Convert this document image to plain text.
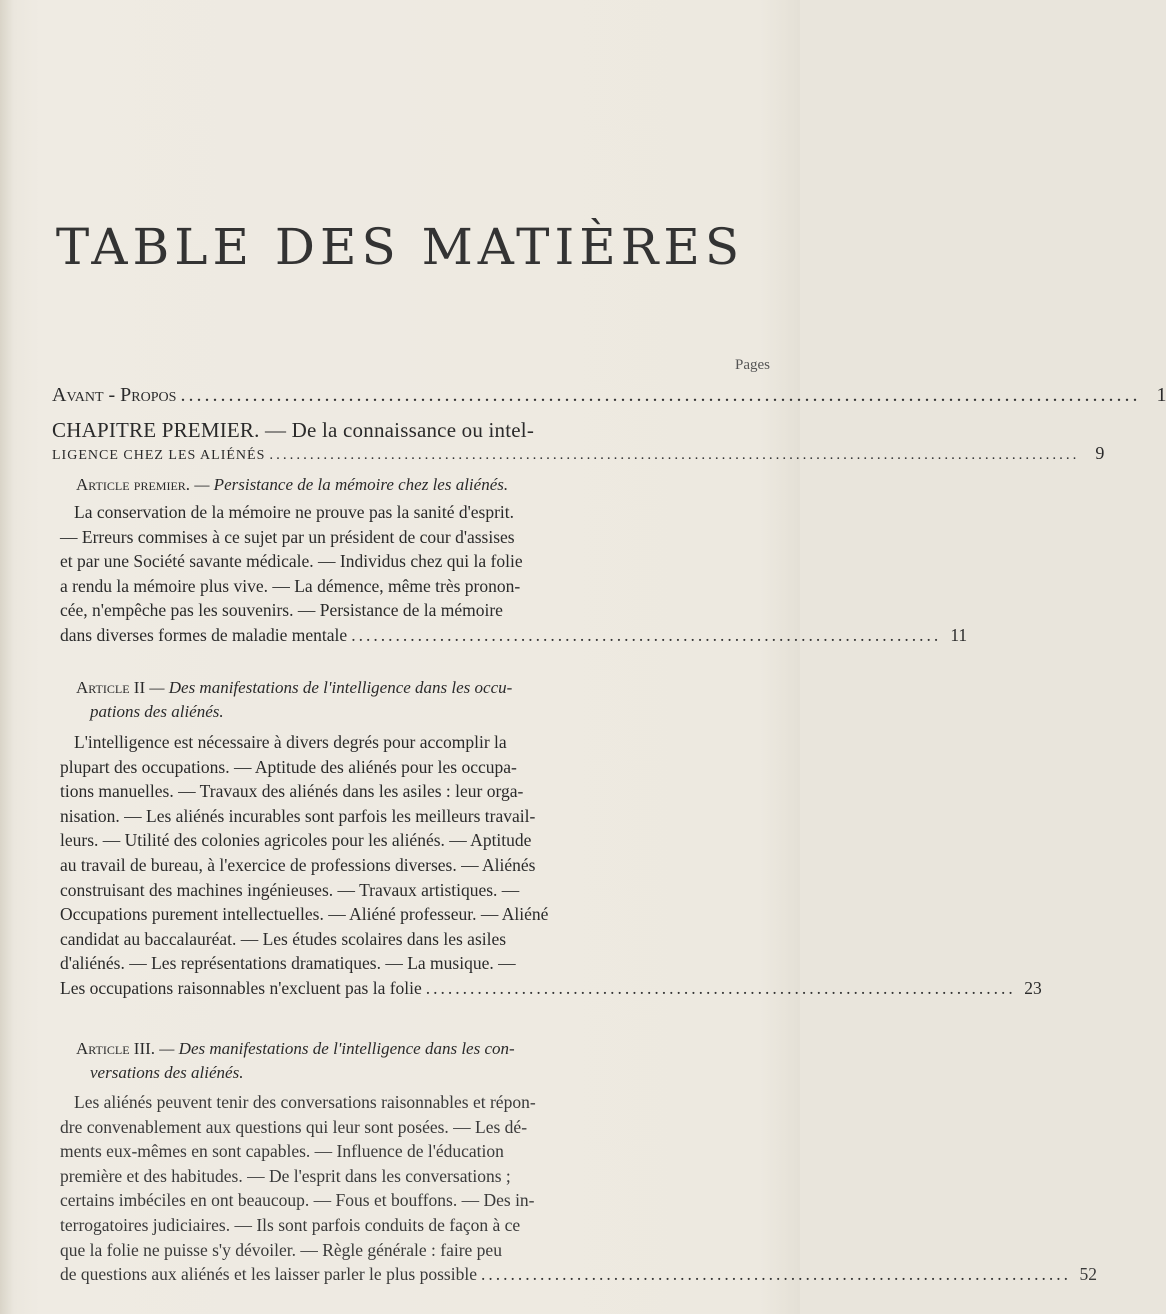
TABLE DES MATIÈRES
Pages
Avant - Propos ........................................................................................................................ 1
CHAPITRE PREMIER. — De la connaissance ou intel-
LIGENCE CHEZ LES ALIÉNÉS ........................................................................................................................ 9
Article premier. — Persistance de la mémoire chez les aliénés.
La conservation de la mémoire ne prouve pas la sanité d'esprit.
— Erreurs commises à ce sujet par un président de cour d'assises
et par une Société savante médicale. — Individus chez qui la folie
a rendu la mémoire plus vive. — La démence, même très pronon-
cée, n'empêche pas les souvenirs. — Persistance de la mémoire
dans diverses formes de maladie mentale ................................................................................ 11
Article II — Des manifestations de l'intelligence dans les occu-
pations des aliénés.
L'intelligence est nécessaire à divers degrés pour accomplir la
plupart des occupations. — Aptitude des aliénés pour les occupa-
tions manuelles. — Travaux des aliénés dans les asiles : leur orga-
nisation. — Les aliénés incurables sont parfois les meilleurs travail-
leurs. — Utilité des colonies agricoles pour les aliénés. — Aptitude
au travail de bureau, à l'exercice de professions diverses. — Aliénés
construisant des machines ingénieuses. — Travaux artistiques. —
Occupations purement intellectuelles. — Aliéné professeur. — Aliéné
candidat au baccalauréat. — Les études scolaires dans les asiles
d'aliénés. — Les représentations dramatiques. — La musique. —
Les occupations raisonnables n'excluent pas la folie ................................................................................ 23
Article III. — Des manifestations de l'intelligence dans les con-
versations des aliénés.
Les aliénés peuvent tenir des conversations raisonnables et répon-
dre convenablement aux questions qui leur sont posées. — Les dé-
ments eux-mêmes en sont capables. — Influence de l'éducation
première et des habitudes. — De l'esprit dans les conversations ;
certains imbéciles en ont beaucoup. — Fous et bouffons. — Des in-
terrogatoires judiciaires. — Ils sont parfois conduits de façon à ce
que la folie ne puisse s'y dévoiler. — Règle générale : faire peu
de questions aux aliénés et les laisser parler le plus possible ................................................................................ 52
